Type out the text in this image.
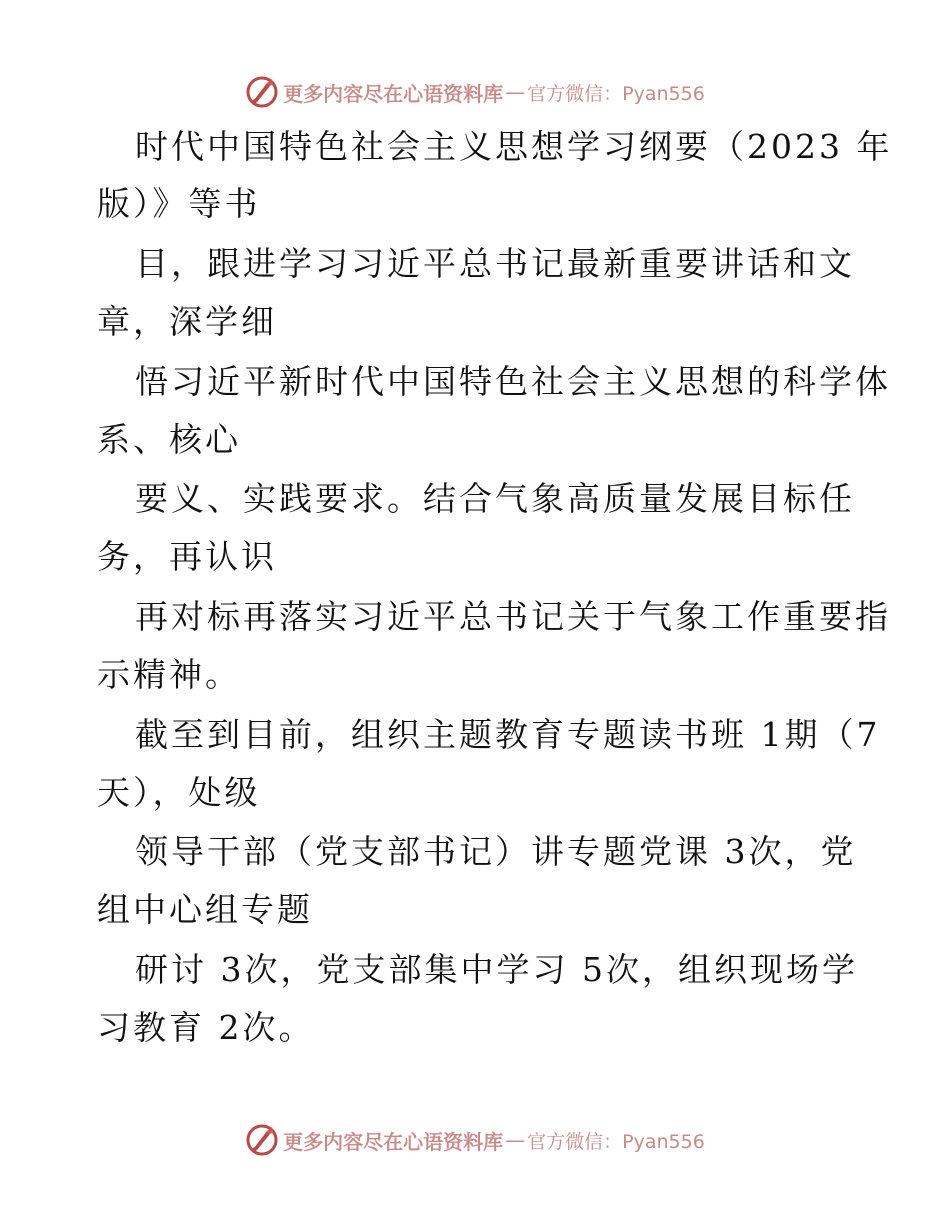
更多内容尽在心语资料库 — 官方微信：Pyan556
时代中国特色社会主义思想学习纲要（2023 年
版）》等书
目，跟进学习习近平总书记最新重要讲话和文
章，深学细
悟习近平新时代中国特色社会主义思想的科学体
系、核心
要义、实践要求。结合气象高质量发展目标任
务，再认识
再对标再落实习近平总书记关于气象工作重要指
示精神。
截至到目前，组织主题教育专题读书班 1期（7
天），处级
领导干部（党支部书记）讲专题党课 3次，党
组中心组专题
研讨 3次，党支部集中学习 5次，组织现场学
习教育 2次。
更多内容尽在心语资料库 — 官方微信：Pyan556
